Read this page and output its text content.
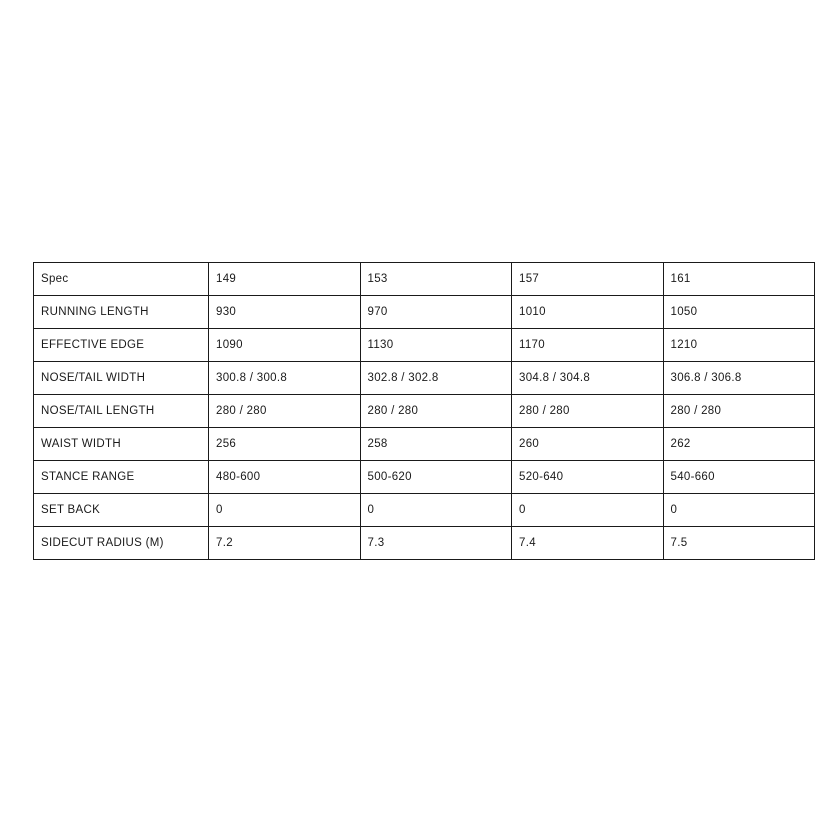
Spec	149	153	157	161
RUNNING LENGTH	930	970	1010	1050
EFFECTIVE EDGE	1090	1130	1170	1210
NOSE/TAIL WIDTH	300.8 / 300.8	302.8 / 302.8	304.8 / 304.8	306.8 / 306.8
NOSE/TAIL LENGTH	280 / 280	280 / 280	280 / 280	280 / 280
WAIST WIDTH	256	258	260	262
STANCE RANGE	480-600	500-620	520-640	540-660
SET BACK	0	0	0	0
SIDECUT RADIUS (M)	7.2	7.3	7.4	7.5
